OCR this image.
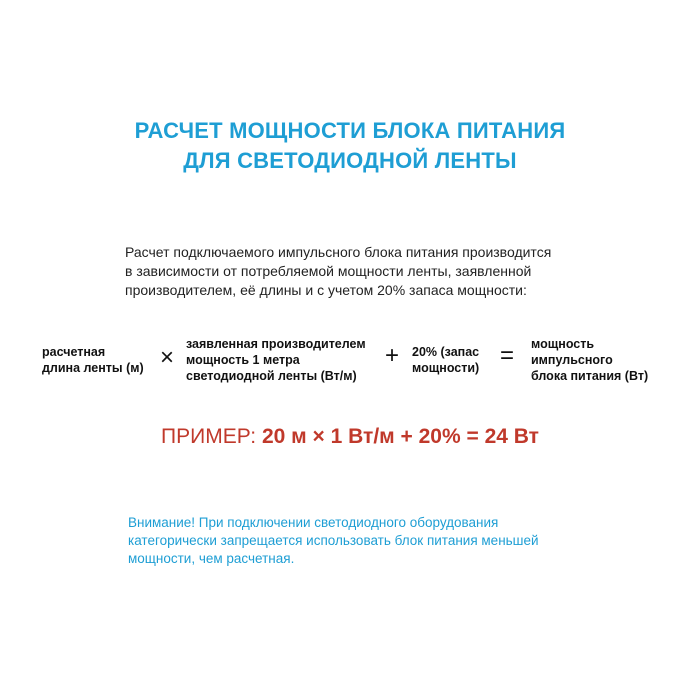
РАСЧЕТ МОЩНОСТИ БЛОКА ПИТАНИЯ
ДЛЯ СВЕТОДИОДНОЙ ЛЕНТЫ
Расчет подключаемого импульсного блока питания производится
в зависимости от потребляемой мощности ленты, заявленной
производителем, её длины и с учетом 20% запаса мощности:
расчетная
длина ленты (м) × заявленная производителем
мощность 1 метра
светодиодной ленты (Вт/м)
+ 20% (запас
мощности) = мощность
импульсного
блока питания (Вт)
ПРИМЕР: 20 м × 1 Вт/м + 20% = 24 Вт
Внимание! При подключении светодиодного оборудования
категорически запрещается использовать блок питания меньшей
мощности, чем расчетная.
